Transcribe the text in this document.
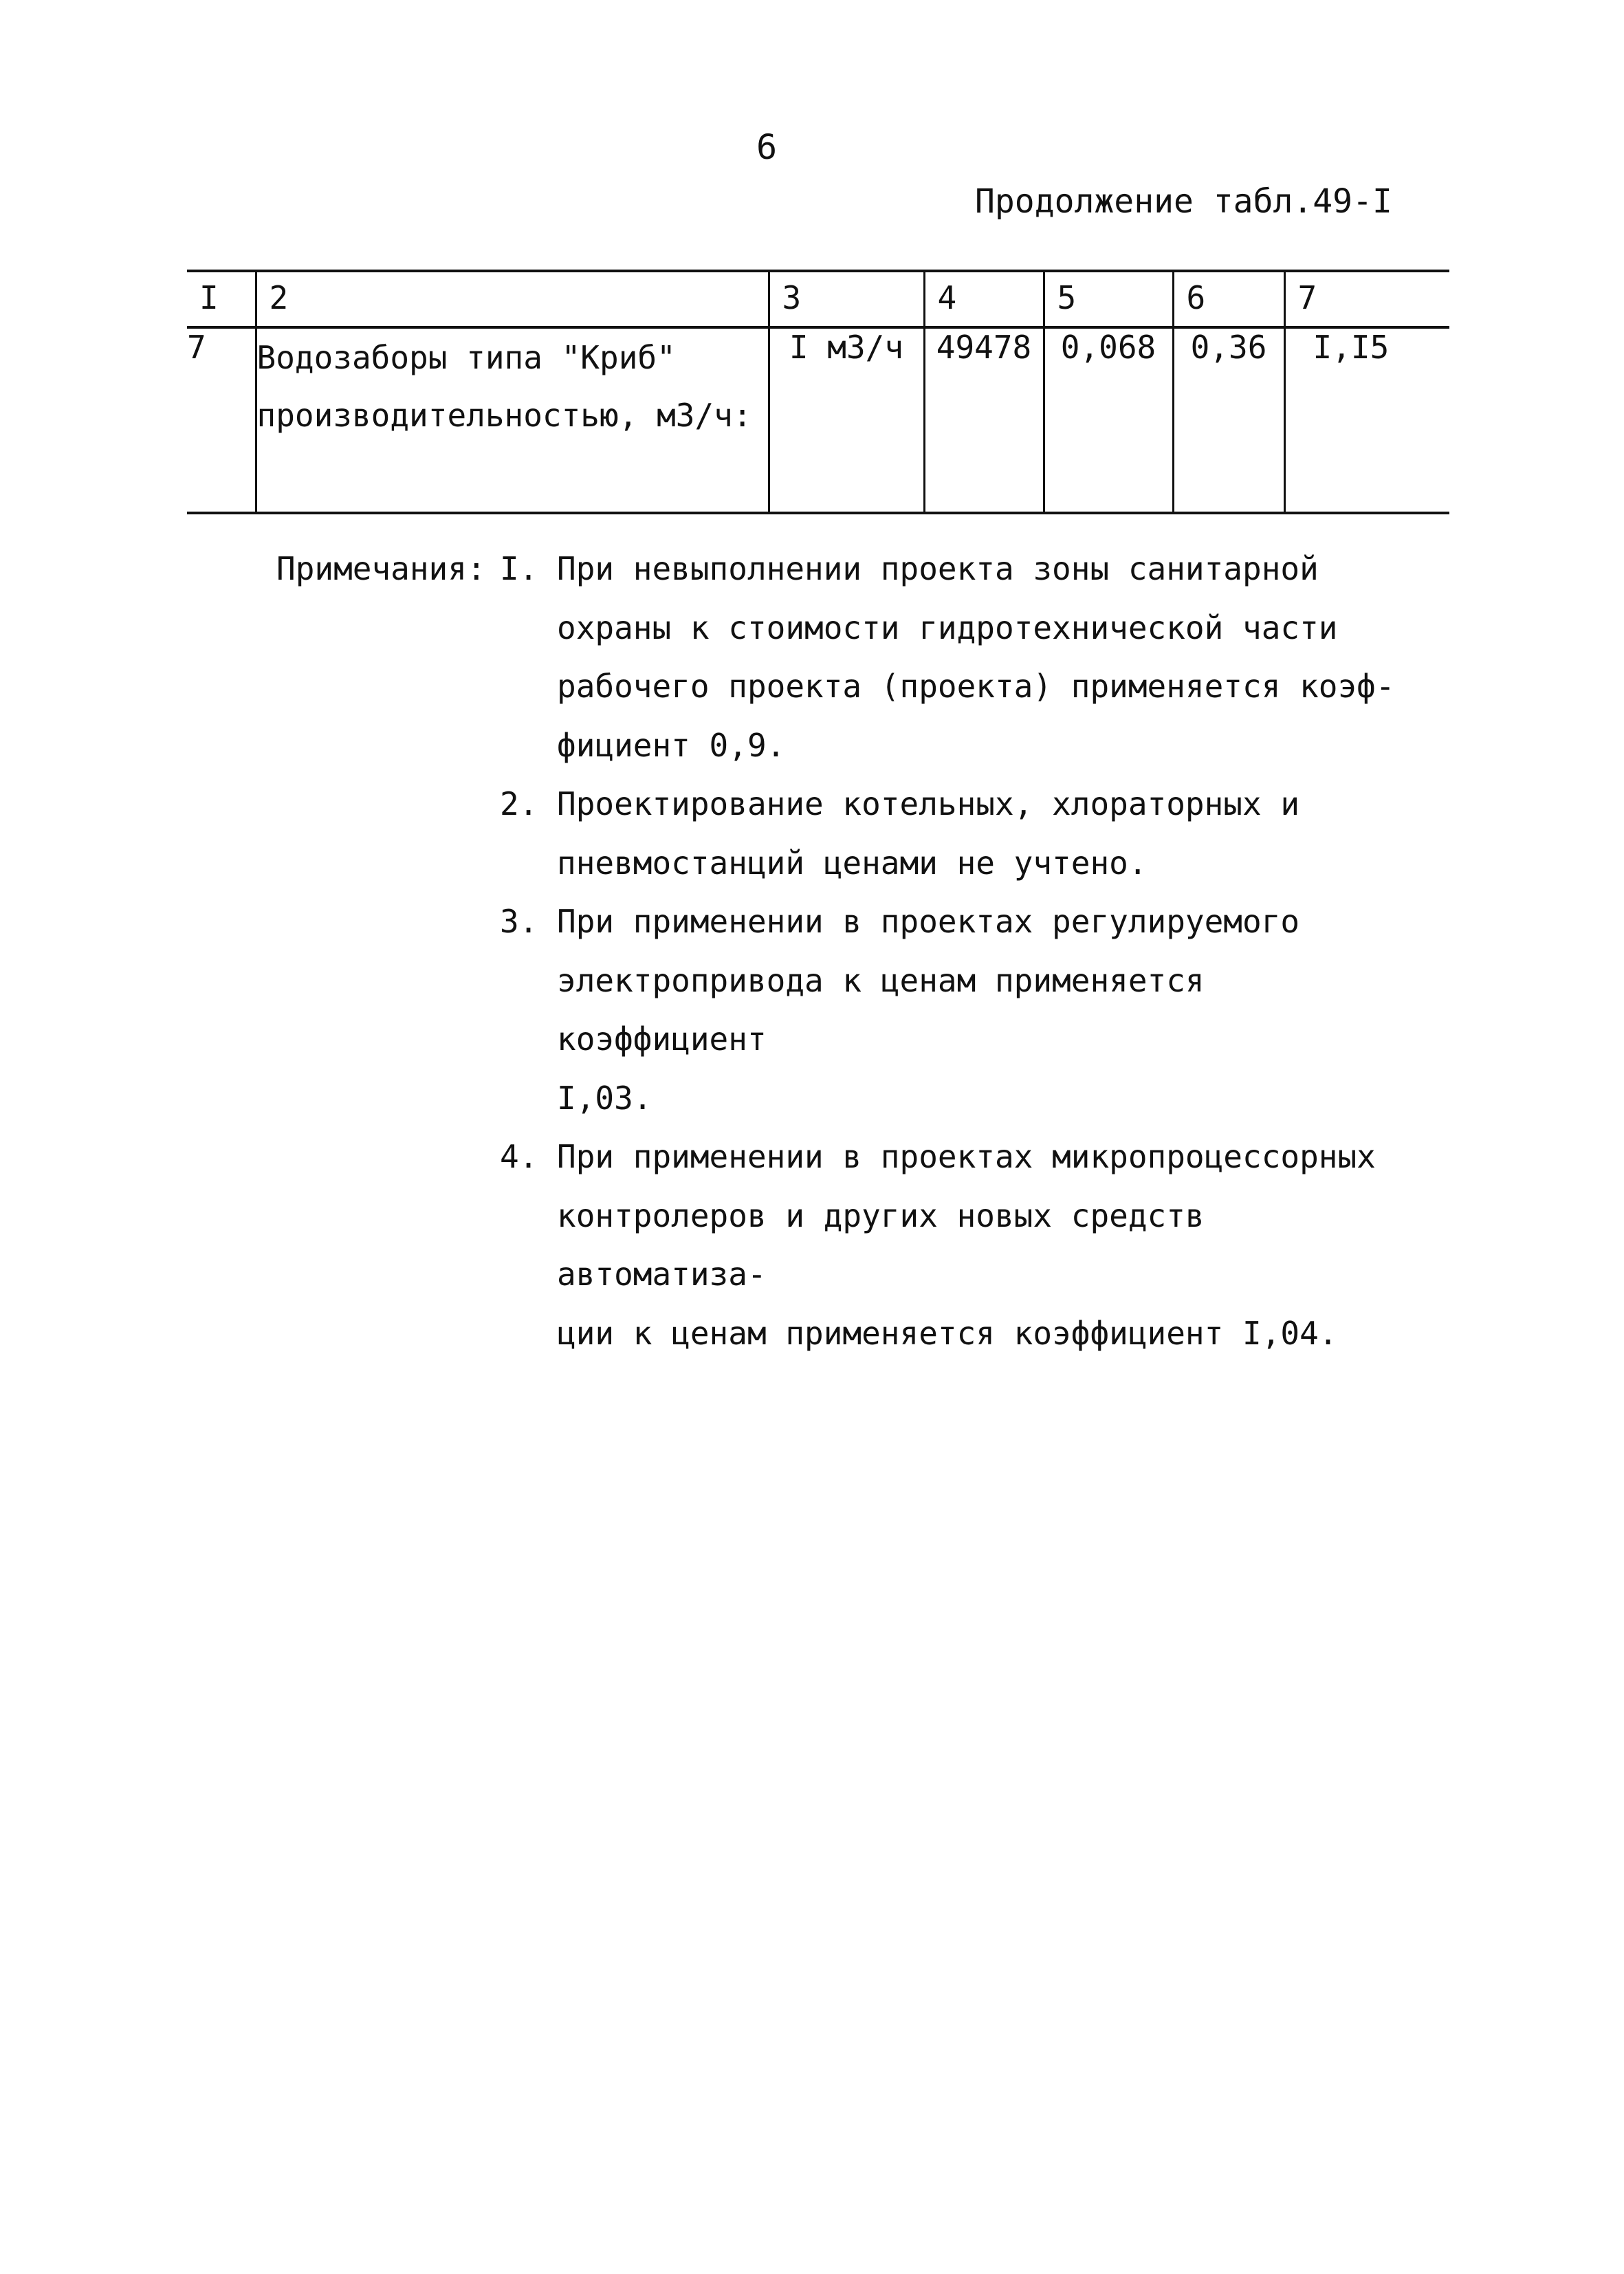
6
Продолжение табл.49-I
I	2	3	4	5	6	7
7	Водозаборы типа "Криб"
производительностью, м3/ч:	I м3/ч	49478	0,068	0,36	I,I5
Примечания: I. При невыполнении проекта зоны санитарной
охраны к стоимости гидротехнической части
рабочего проекта (проекта) применяется коэф-
фициент 0,9.
2. Проектирование котельных, хлораторных и
пневмостанций ценами не учтено.
3. При применении в проектах регулируемого
электропривода к ценам применяется коэффициент
I,03.
4. При применении в проектах микропроцессорных
контролеров и других новых средств автоматиза-
ции к ценам применяется коэффициент I,04.
